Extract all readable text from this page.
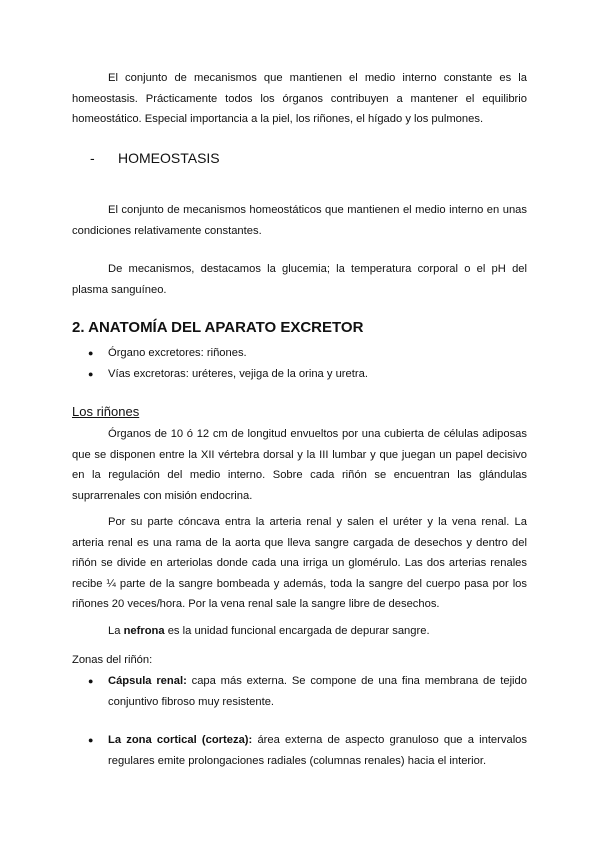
El conjunto de mecanismos que mantienen el medio interno constante es la homeostasis. Prácticamente todos los órganos contribuyen a mantener el equilibrio homeostático. Especial importancia a la piel, los riñones, el hígado y los pulmones.

- HOMEOSTASIS

El conjunto de mecanismos homeostáticos que mantienen el medio interno en unas condiciones relativamente constantes.

De mecanismos, destacamos la glucemia; la temperatura corporal o el pH del plasma sanguíneo.

2. ANATOMÍA DEL APARATO EXCRETOR
● Órgano excretores: riñones.
● Vías excretoras: uréteres, vejiga de la orina y uretra.

Los riñones

Órganos de 10 ó 12 cm de longitud envueltos por una cubierta de células adiposas que se disponen entre la XII vértebra dorsal y la III lumbar y que juegan un papel decisivo en la regulación del medio interno. Sobre cada riñón se encuentran las glándulas suprarrenales con misión endocrina.

Por su parte cóncava entra la arteria renal y salen el uréter y la vena renal. La arteria renal es una rama de la aorta que lleva sangre cargada de desechos y dentro del riñón se divide en arteriolas donde cada una irriga un glomérulo. Las dos arterias renales recibe ¼ parte de la sangre bombeada y además, toda la sangre del cuerpo pasa por los riñones 20 veces/hora. Por la vena renal sale la sangre libre de desechos.

La nefrona es la unidad funcional encargada de depurar sangre.

Zonas del riñón:

● Cápsula renal: capa más externa. Se compone de una fina membrana de tejido conjuntivo fibroso muy resistente.
● La zona cortical (corteza): área externa de aspecto granuloso que a intervalos regulares emite prolongaciones radiales (columnas renales) hacia el interior.
